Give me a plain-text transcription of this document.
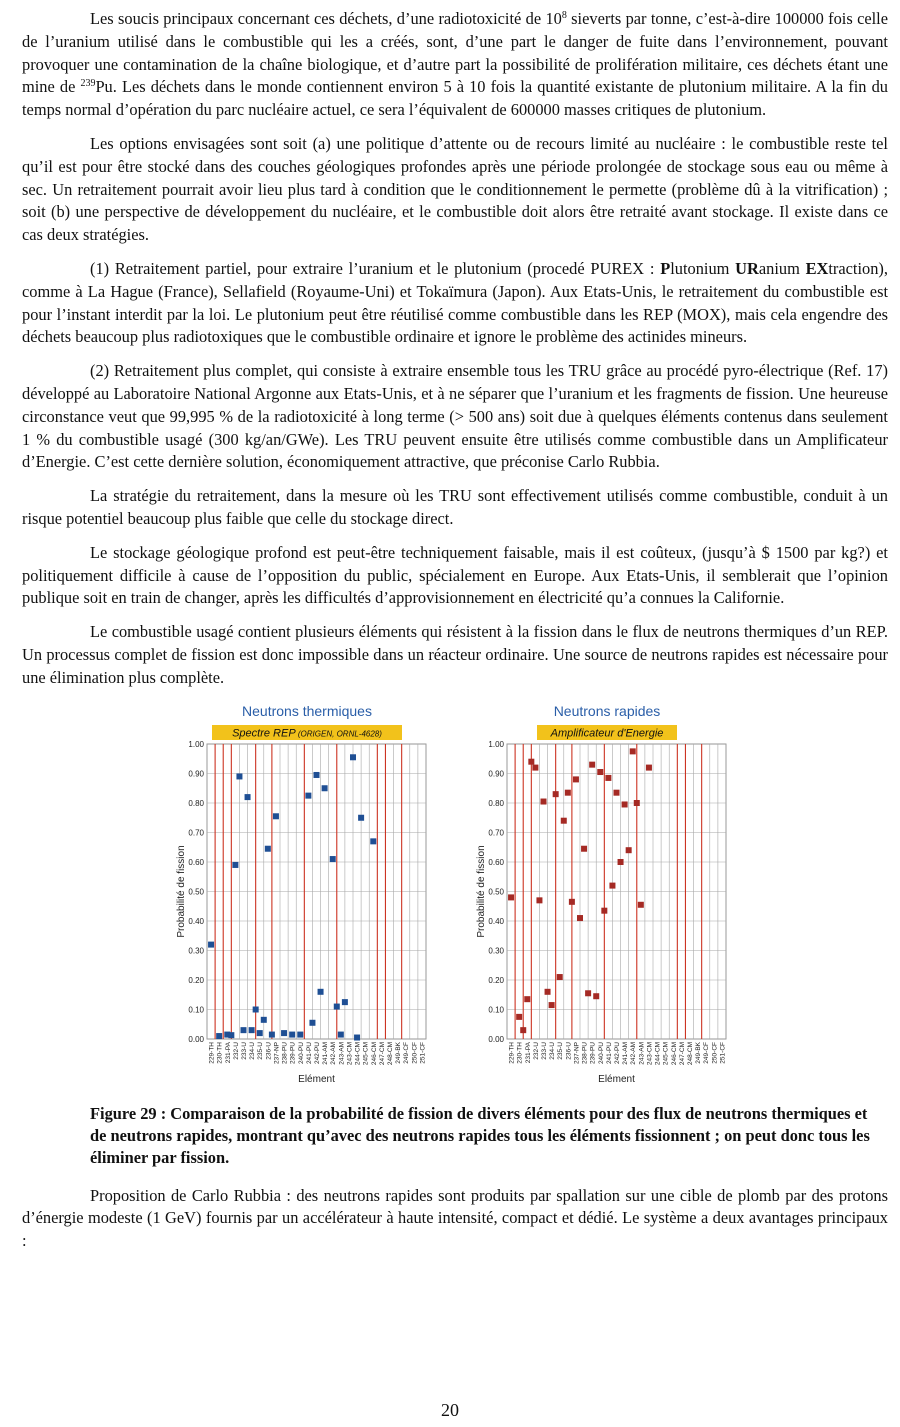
Les soucis principaux concernant ces déchets, d’une radiotoxicité de $10^8$ sieverts par tonne, c’est-à-dire 100000 fois celle de l’uranium utilisé dans le combustible qui les a créés, sont, d’une part le danger de fuite dans l’environnement, pouvant provoquer une contamination de la chaîne biologique, et d’autre part la possibilité de prolifération militaire, ces déchets étant une mine de $^{239}$Pu. Les déchets dans le monde contiennent environ 5 à 10 fois la quantité existante de plutonium militaire. A la fin du temps normal d’opération du parc nucléaire actuel, ce sera l’équivalent de 600000 masses critiques de plutonium.

Les options envisagées sont soit (a) une politique d’attente ou de recours limité au nucléaire : le combustible reste tel qu’il est pour être stocké dans des couches géologiques profondes après une période prolongée de stockage sous eau ou même à sec. Un retraitement pourrait avoir lieu plus tard à condition que le conditionnement le permette (problème dû à la vitrification) ; soit (b) une perspective de développement du nucléaire, et le combustible doit alors être retraité avant stockage. Il existe dans ce cas deux stratégies.

(1) Retraitement partiel, pour extraire l’uranium et le plutonium (procedé PUREX : Plutonium URanium EXtraction), comme à La Hague (France), Sellafield (Royaume-Uni) et Tokaïmura (Japon). Aux Etats-Unis, le retraitement du combustible est pour l’instant interdit par la loi. Le plutonium peut être réutilisé comme combustible dans les REP (MOX), mais cela engendre des déchets beaucoup plus radiotoxiques que le combustible ordinaire et ignore le problème des actinides mineurs.

(2) Retraitement plus complet, qui consiste à extraire ensemble tous les TRU grâce au procédé pyro-électrique (Ref. 17) développé au Laboratoire National Argonne aux Etats-Unis, et à ne séparer que l’uranium et les fragments de fission. Une heureuse circonstance veut que 99,995 % de la radiotoxicité à long terme (> 500 ans) soit due à quelques éléments contenus dans seulement 1 % du combustible usagé (300 kg/an/GWe). Les TRU peuvent ensuite être utilisés comme combustible dans un Amplificateur d’Energie. C’est cette dernière solution, économiquement attractive, que préconise Carlo Rubbia.

La stratégie du retraitement, dans la mesure où les TRU sont effectivement utilisés comme combustible, conduit à un risque potentiel beaucoup plus faible que celle du stockage direct.

Le stockage géologique profond est peut-être techniquement faisable, mais il est coûteux, (jusqu’à $ 1500 par kg?) et politiquement difficile à cause de l’opposition du public, spécialement en Europe. Aux Etats-Unis, il semblerait que l’opinion publique soit en train de changer, après les difficultés d’approvisionnement en électricité qu’a connues la Californie.

Le combustible usagé contient plusieurs éléments qui résistent à la fission dans le flux de neutrons thermiques d’un REP. Un processus complet de fission est donc impossible dans un réacteur ordinaire. Une source de neutrons rapides est nécessaire pour une élimination plus complète.

Neutrons thermiques
Spectre REP (ORIGEN, ORNL-4628)
0.00
0.10
0.20
0.30
0.40
0.50
0.60
0.70
0.80
0.90
1.00
229-TH 230-TH 231-PA 232-U 233-U 234-U 235-U 236-U 237-NP 238-PU 239-PU 240-PU 241-PU 242-PU 241-AM 242-AM 243-AM 243-CM 244-CM 245-CM 246-CM 247-CM 248-CM 249-BK 249-CF 250-CF 251-CF
Probabilité de fission
Elément
Neutrons rapides
Amplificateur d'Energie
0.00
0.10
0.20
0.30
0.40
0.50
0.60
0.70
0.80
0.90
1.00
229-TH 230-TH 231-PA 232-U 233-U 234-U 235-U 236-U 237-NP 238-PU 239-PU 240-PU 241-PU 242-PU 241-AM 242-AM 243-AM 243-CM 244-CM 245-CM 246-CM 247-CM 248-CM 249-BK 249-CF 250-CF 251-CF
Probabilité de fission
Elément
Figure 29 : Comparaison de la probabilité de fission de divers éléments pour des flux de neutrons thermiques et de neutrons rapides, montrant qu’avec des neutrons rapides tous les éléments fissionnent ; on peut donc tous les éliminer par fission.

Proposition de Carlo Rubbia : des neutrons rapides sont produits par spallation sur une cible de plomb par des protons d’énergie modeste (1 GeV) fournis par un accélérateur à haute intensité, compact et dédié. Le système a deux avantages principaux :

20
